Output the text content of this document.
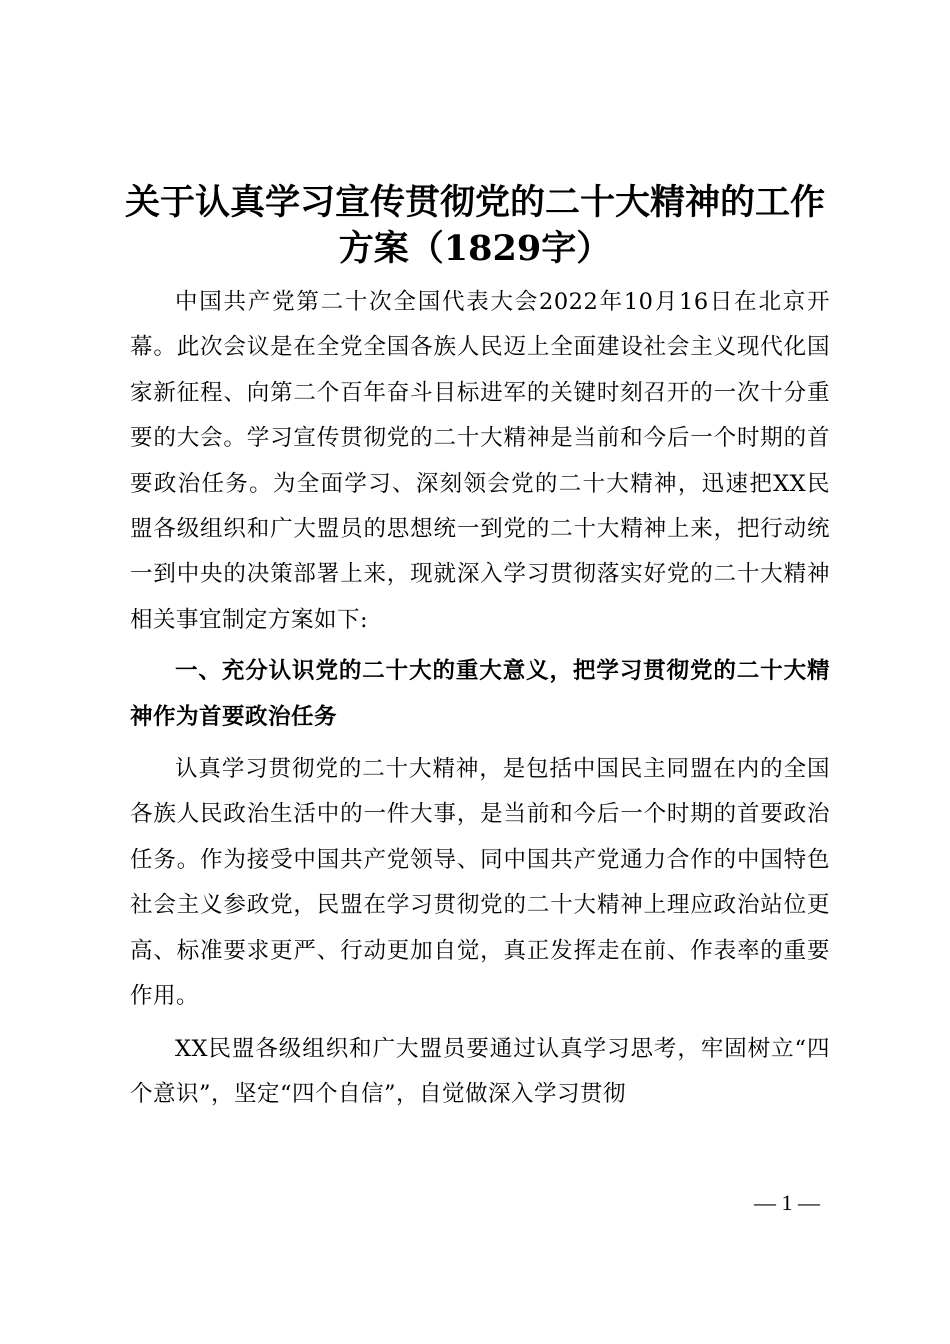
关于认真学习宣传贯彻党的二十大精神的工作
方案（1829字）

中国共产党第二十次全国代表大会2022年10月16日在北京开幕。此次会议是在全党全国各族人民迈上全面建设社会主义现代化国家新征程、向第二个百年奋斗目标进军的关键时刻召开的一次十分重要的大会。学习宣传贯彻党的二十大精神是当前和今后一个时期的首要政治任务。为全面学习、深刻领会党的二十大精神，迅速把XX民盟各级组织和广大盟员的思想统一到党的二十大精神上来，把行动统一到中央的决策部署上来，现就深入学习贯彻落实好党的二十大精神相关事宜制定方案如下:

一、充分认识党的二十大的重大意义，把学习贯彻党的二十大精神作为首要政治任务

认真学习贯彻党的二十大精神，是包括中国民主同盟在内的全国各族人民政治生活中的一件大事，是当前和今后一个时期的首要政治任务。作为接受中国共产党领导、同中国共产党通力合作的中国特色社会主义参政党，民盟在学习贯彻党的二十大精神上理应政治站位更高、标准要求更严、行动更加自觉，真正发挥走在前、作表率的重要作用。

XX民盟各级组织和广大盟员要通过认真学习思考，牢固树立“四个意识”，坚定“四个自信”，自觉做深入学习贯彻

— 1 —
